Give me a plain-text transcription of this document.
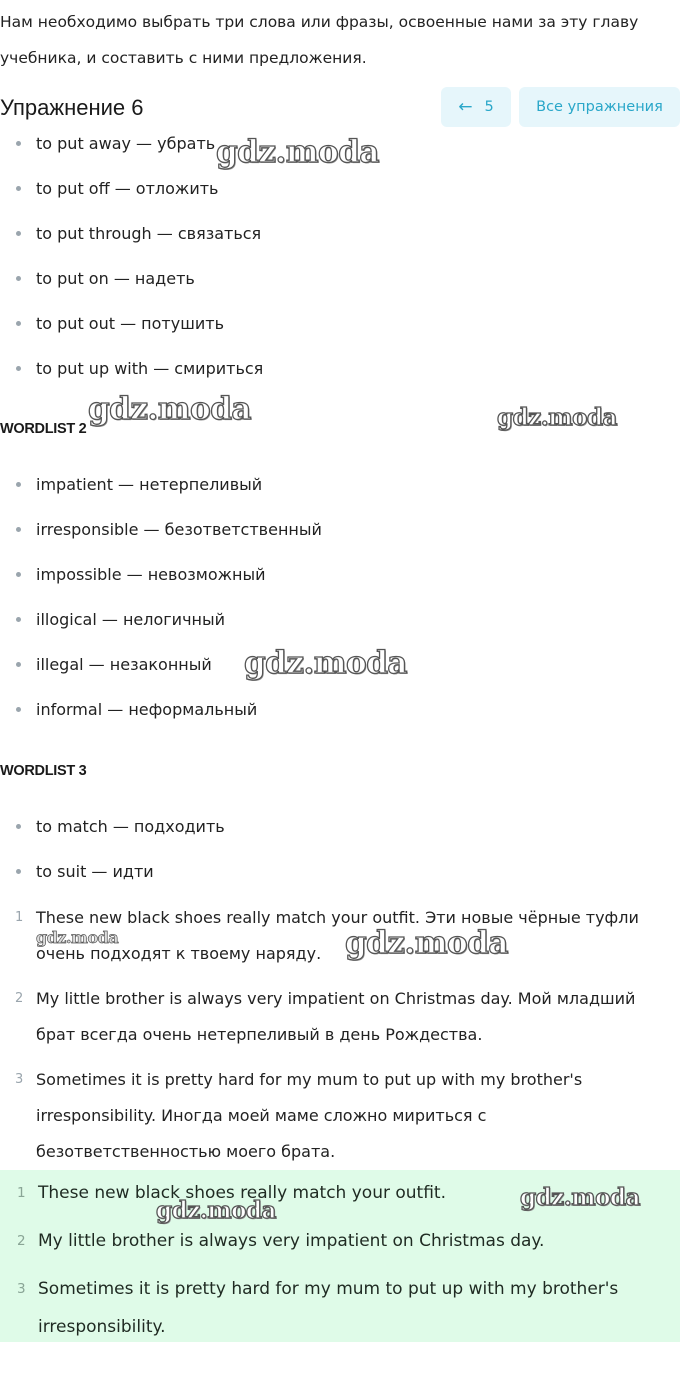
Нам необходимо выбрать три слова или фразы, освоенные нами за эту главу учебника, и составить с ними предложения.
Упражнение 6	← 5	Все упражнения
to put away — убрать
to put off — отложить
to put through — связаться
to put on — надеть
to put out — потушить
to put up with — смириться
WORDLIST 2
impatient — нетерпеливый
irresponsible — безответственный
impossible — невозможный
illogical — нелогичный
illegal — незаконный
informal — неформальный
WORDLIST 3
to match — подходить
to suit — идти
1 These new black shoes really match your outfit. Эти новые чёрные туфли очень подходят к твоему наряду.
2 My little brother is always very impatient on Christmas day. Мой младший брат всегда очень нетерпеливый в день Рождества.
3 Sometimes it is pretty hard for my mum to put up with my brother's irresponsibility. Иногда моей маме сложно мириться с безответственностью моего брата.
1 These new black shoes really match your outfit.
2 My little brother is always very impatient on Christmas day.
3 Sometimes it is pretty hard for my mum to put up with my brother's irresponsibility.
gdz.moda
gdz.moda	gdz.moda
gdz.moda
gdz.moda	gdz.moda
gdz.moda
gdz.moda
